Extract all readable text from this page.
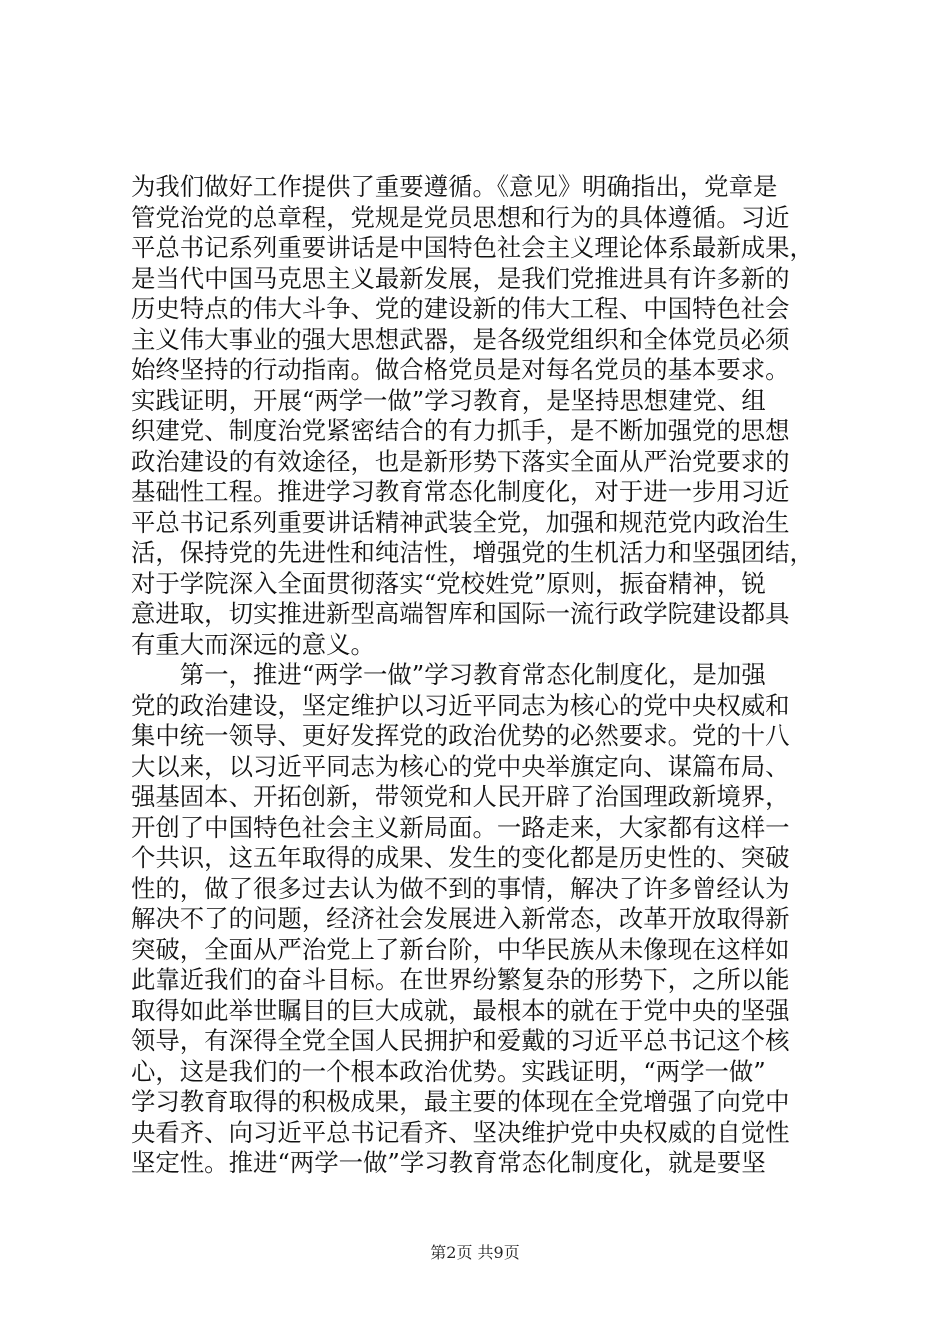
为我们做好工作提供了重要遵循。《意见》明确指出，党章是
管党治党的总章程，党规是党员思想和行为的具体遵循。习近
平总书记系列重要讲话是中国特色社会主义理论体系最新成果，
是当代中国马克思主义最新发展，是我们党推进具有许多新的
历史特点的伟大斗争、党的建设新的伟大工程、中国特色社会
主义伟大事业的强大思想武器，是各级党组织和全体党员必须
始终坚持的行动指南。做合格党员是对每名党员的基本要求。
实践证明，开展“两学一做”学习教育，是坚持思想建党、组
织建党、制度治党紧密结合的有力抓手，是不断加强党的思想
政治建设的有效途径，也是新形势下落实全面从严治党要求的
基础性工程。推进学习教育常态化制度化，对于进一步用习近
平总书记系列重要讲话精神武装全党，加强和规范党内政治生
活，保持党的先进性和纯洁性，增强党的生机活力和坚强团结，
对于学院深入全面贯彻落实“党校姓党”原则，振奋精神，锐
意进取，切实推进新型高端智库和国际一流行政学院建设都具
有重大而深远的意义。
　　第一，推进“两学一做”学习教育常态化制度化，是加强
党的政治建设，坚定维护以习近平同志为核心的党中央权威和
集中统一领导、更好发挥党的政治优势的必然要求。党的十八
大以来，以习近平同志为核心的党中央举旗定向、谋篇布局、
强基固本、开拓创新，带领党和人民开辟了治国理政新境界，
开创了中国特色社会主义新局面。一路走来，大家都有这样一
个共识，这五年取得的成果、发生的变化都是历史性的、突破
性的，做了很多过去认为做不到的事情，解决了许多曾经认为
解决不了的问题，经济社会发展进入新常态，改革开放取得新
突破，全面从严治党上了新台阶，中华民族从未像现在这样如
此靠近我们的奋斗目标。在世界纷繁复杂的形势下，之所以能
取得如此举世瞩目的巨大成就，最根本的就在于党中央的坚强
领导，有深得全党全国人民拥护和爱戴的习近平总书记这个核
心，这是我们的一个根本政治优势。实践证明，“两学一做”
学习教育取得的积极成果，最主要的体现在全党增强了向党中
央看齐、向习近平总书记看齐、坚决维护党中央权威的自觉性
坚定性。推进“两学一做”学习教育常态化制度化，就是要坚
第2页 共9页
